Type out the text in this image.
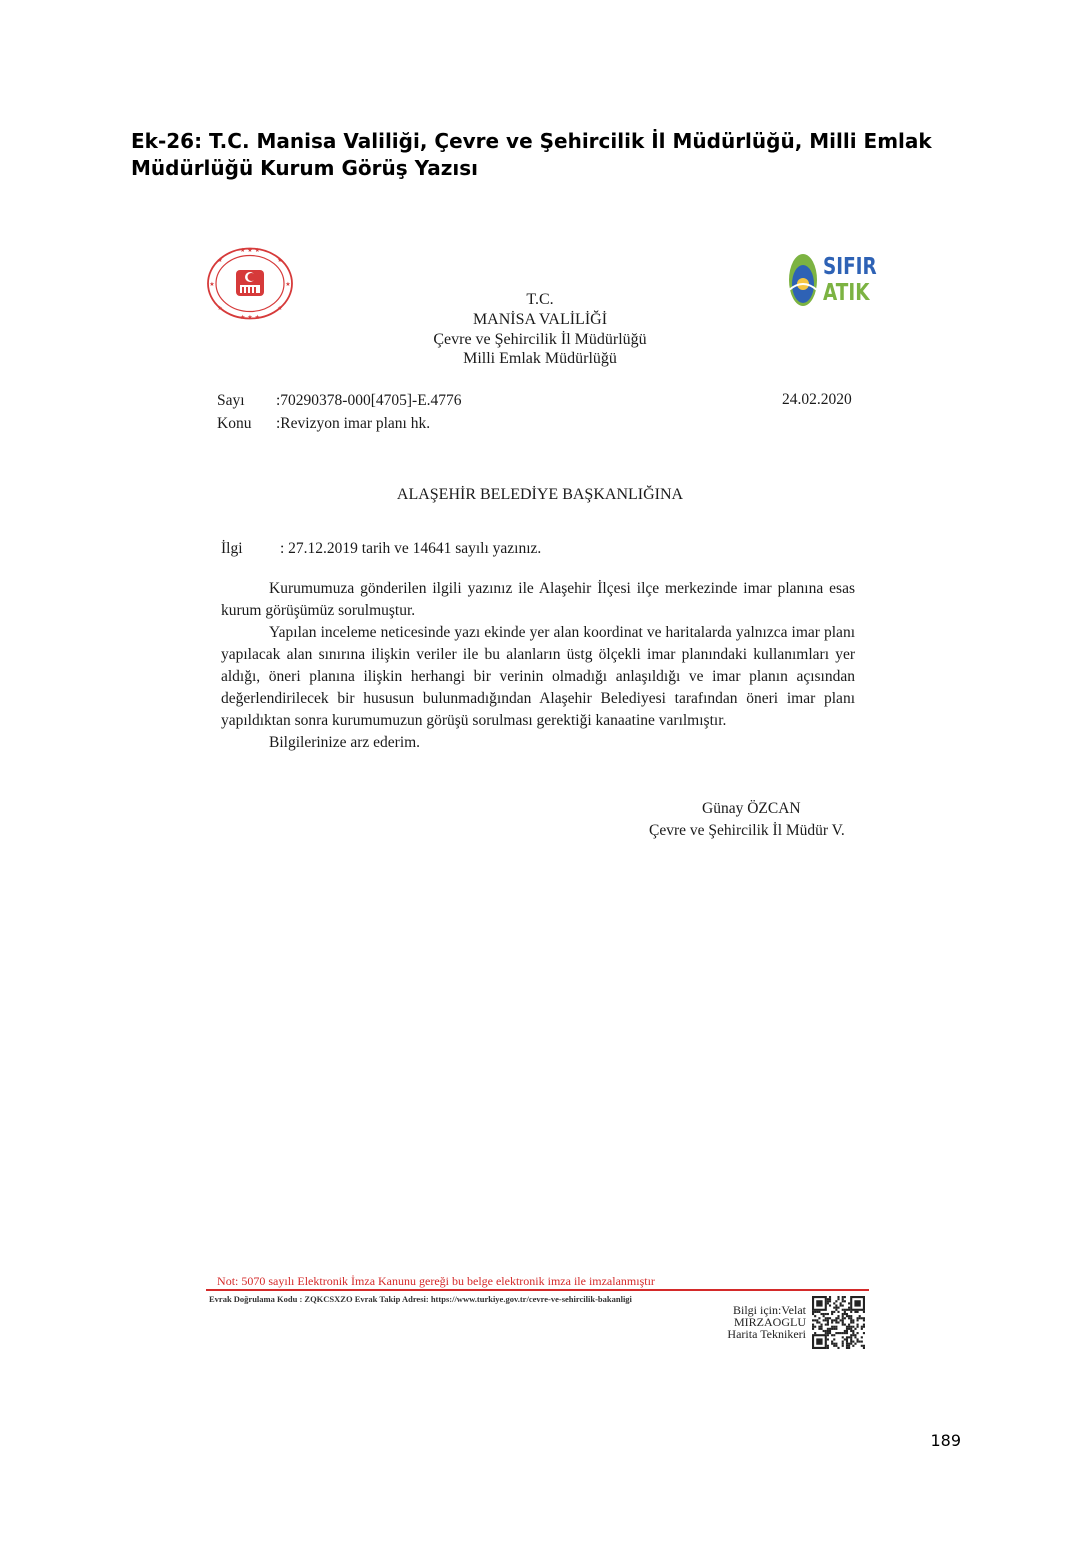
Ek-26: T.C. Manisa Valiliği, Çevre ve Şehircilik İl Müdürlüğü, Milli Emlak
Müdürlüğü Kurum Görüş Yazısı
★ ★ ★
★ ★ ★
★	★
★	★
★	★
SIFIR
ATIK
T.C.
MANİSA VALİLİĞİ
Çevre ve Şehircilik İl Müdürlüğü
Milli Emlak Müdürlüğü
Sayı :70290378-000[4705]-E.4776
Konu :Revizyon imar planı hk.
24.02.2020
ALAŞEHİR BELEDİYE BAŞKANLIĞINA
İlgi : 27.12.2019 tarih ve 14641 sayılı yazınız.

Kurumumuza gönderilen ilgili yazınız ile Alaşehir İlçesi ilçe merkezinde imar planına esas kurum görüşümüz sorulmuştur.

Yapılan inceleme neticesinde yazı ekinde yer alan koordinat ve haritalarda yalnızca imar planı yapılacak alan sınırına ilişkin veriler ile bu alanların üstg ölçekli imar planındaki kullanımları yer aldığı, öneri planına ilişkin herhangi bir verinin olmadığı anlaşıldığı ve imar planın açısından değerlendirilecek bir hususun bulunmadığından Alaşehir Belediyesi tarafından öneri imar planı yapıldıktan sonra kurumumuzun görüşü sorulması gerektiği kanaatine varılmıştır.

Bilgilerinize arz ederim.

Günay ÖZCAN
Çevre ve Şehircilik İl Müdür V.
Not: 5070 sayılı Elektronik İmza Kanunu gereği bu belge elektronik imza ile imzalanmıştır
Evrak Doğrulama Kodu : ZQKCSXZO Evrak Takip Adresi: https://www.turkiye.gov.tr/cevre-ve-sehircilik-bakanligi
Bilgi için:Velat
MIRZAOGLU
Harita Teknikeri
189
